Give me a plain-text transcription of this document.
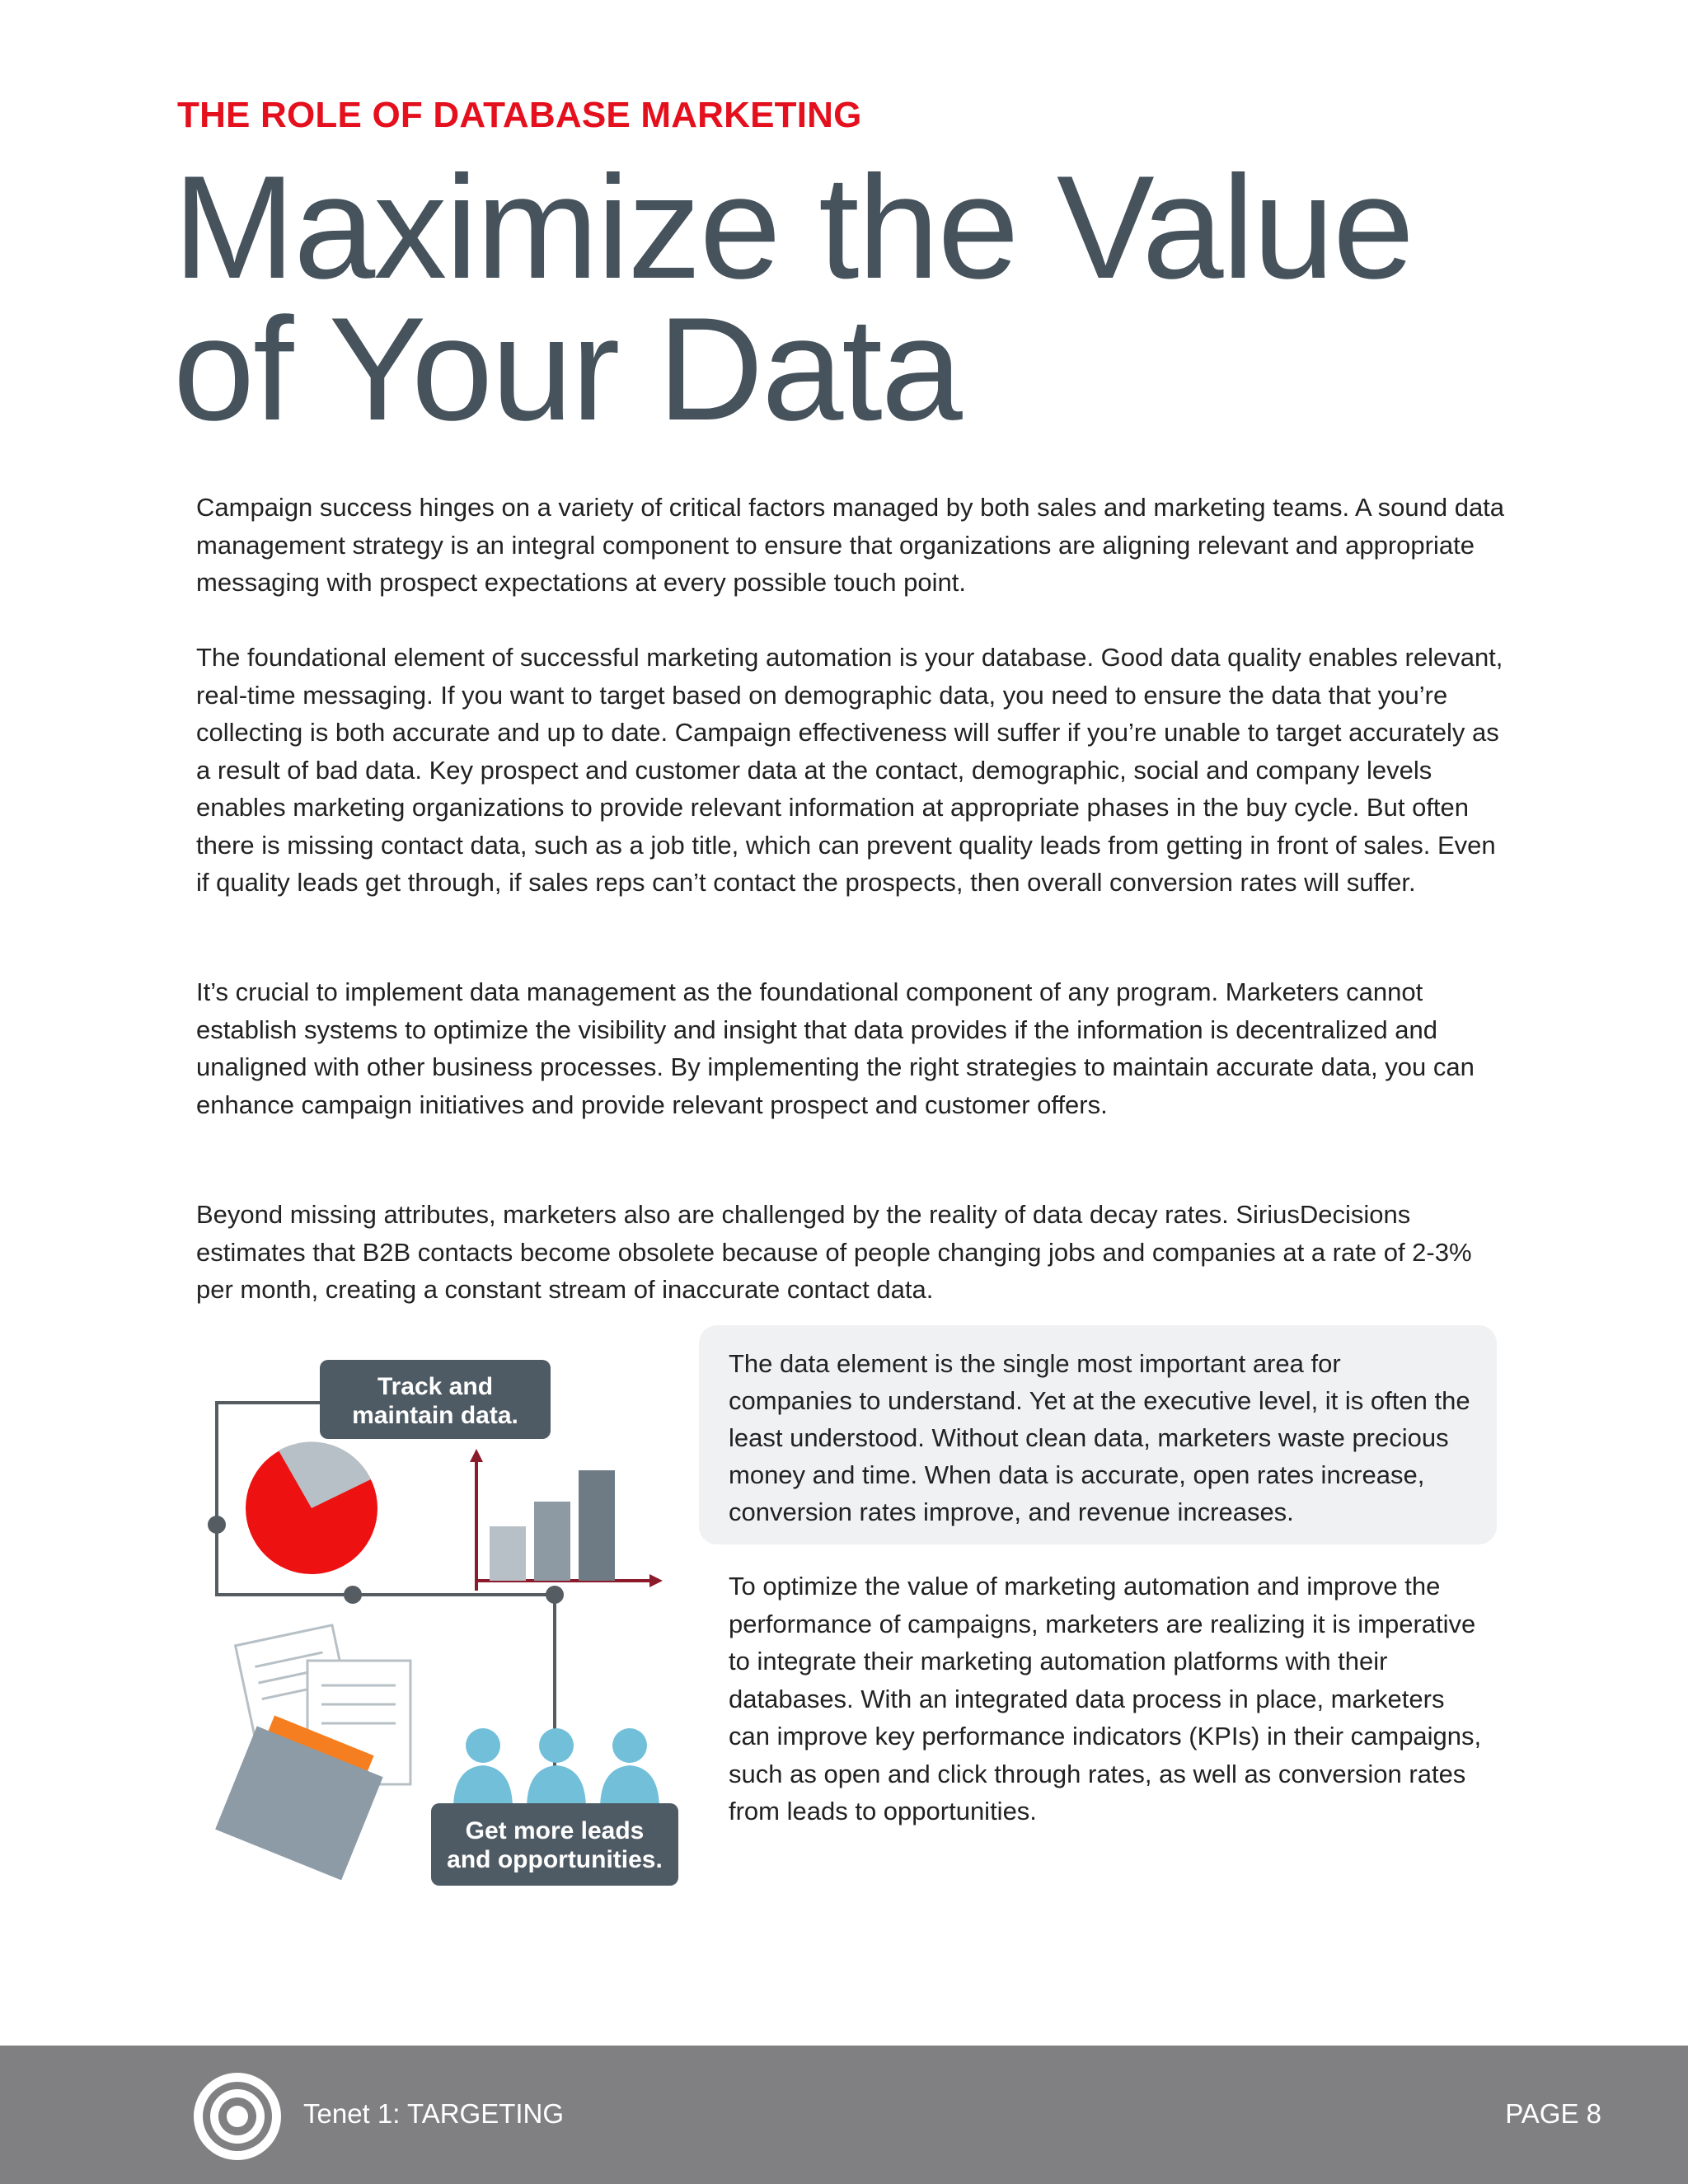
THE ROLE OF DATABASE MARKETING
Maximize the Value
of Your Data

Campaign success hinges on a variety of critical factors managed by both sales and marketing teams. A sound data management strategy is an integral component to ensure that organizations are aligning relevant and appropriate messaging with prospect expectations at every possible touch point.

The foundational element of successful marketing automation is your database. Good data quality enables relevant, real-time messaging. If you want to target based on demographic data, you need to ensure the data that you’re collecting is both accurate and up to date. Campaign effectiveness will suffer if you’re unable to target accurately as a result of bad data. Key prospect and customer data at the contact, demographic, social and company levels enables marketing organizations to provide relevant information at appropriate phases in the buy cycle. But often there is missing contact data, such as a job title, which can prevent quality leads from getting in front of sales. Even if quality leads get through, if sales reps can’t contact the prospects, then overall conversion rates will suffer.

It’s crucial to implement data management as the foundational component of any program. Marketers cannot establish systems to optimize the visibility and insight that data provides if the information is decentralized and unaligned with other business processes. By implementing the right strategies to maintain accurate data, you can enhance campaign initiatives and provide relevant prospect and customer offers.

Beyond missing attributes, marketers also are challenged by the reality of data decay rates. SiriusDecisions estimates that B2B contacts become obsolete because of people changing jobs and companies at a rate of 2-3% per month, creating a constant stream of inaccurate contact data.

The data element is the single most important area for companies to understand. Yet at the executive level, it is often the least understood. Without clean data, marketers waste precious money and time. When data is accurate, open rates increase, conversion rates improve, and revenue increases.

To optimize the value of marketing automation and improve the performance of campaigns, marketers are realizing it is imperative to integrate their marketing automation platforms with their databases. With an integrated data process in place, marketers can improve key performance indicators (KPIs) in their campaigns, such as open and click through rates, as well as conversion rates from leads to opportunities.

Track and
maintain data.
Get more leads
and opportunities.

Tenet 1: TARGETING	PAGE 8
